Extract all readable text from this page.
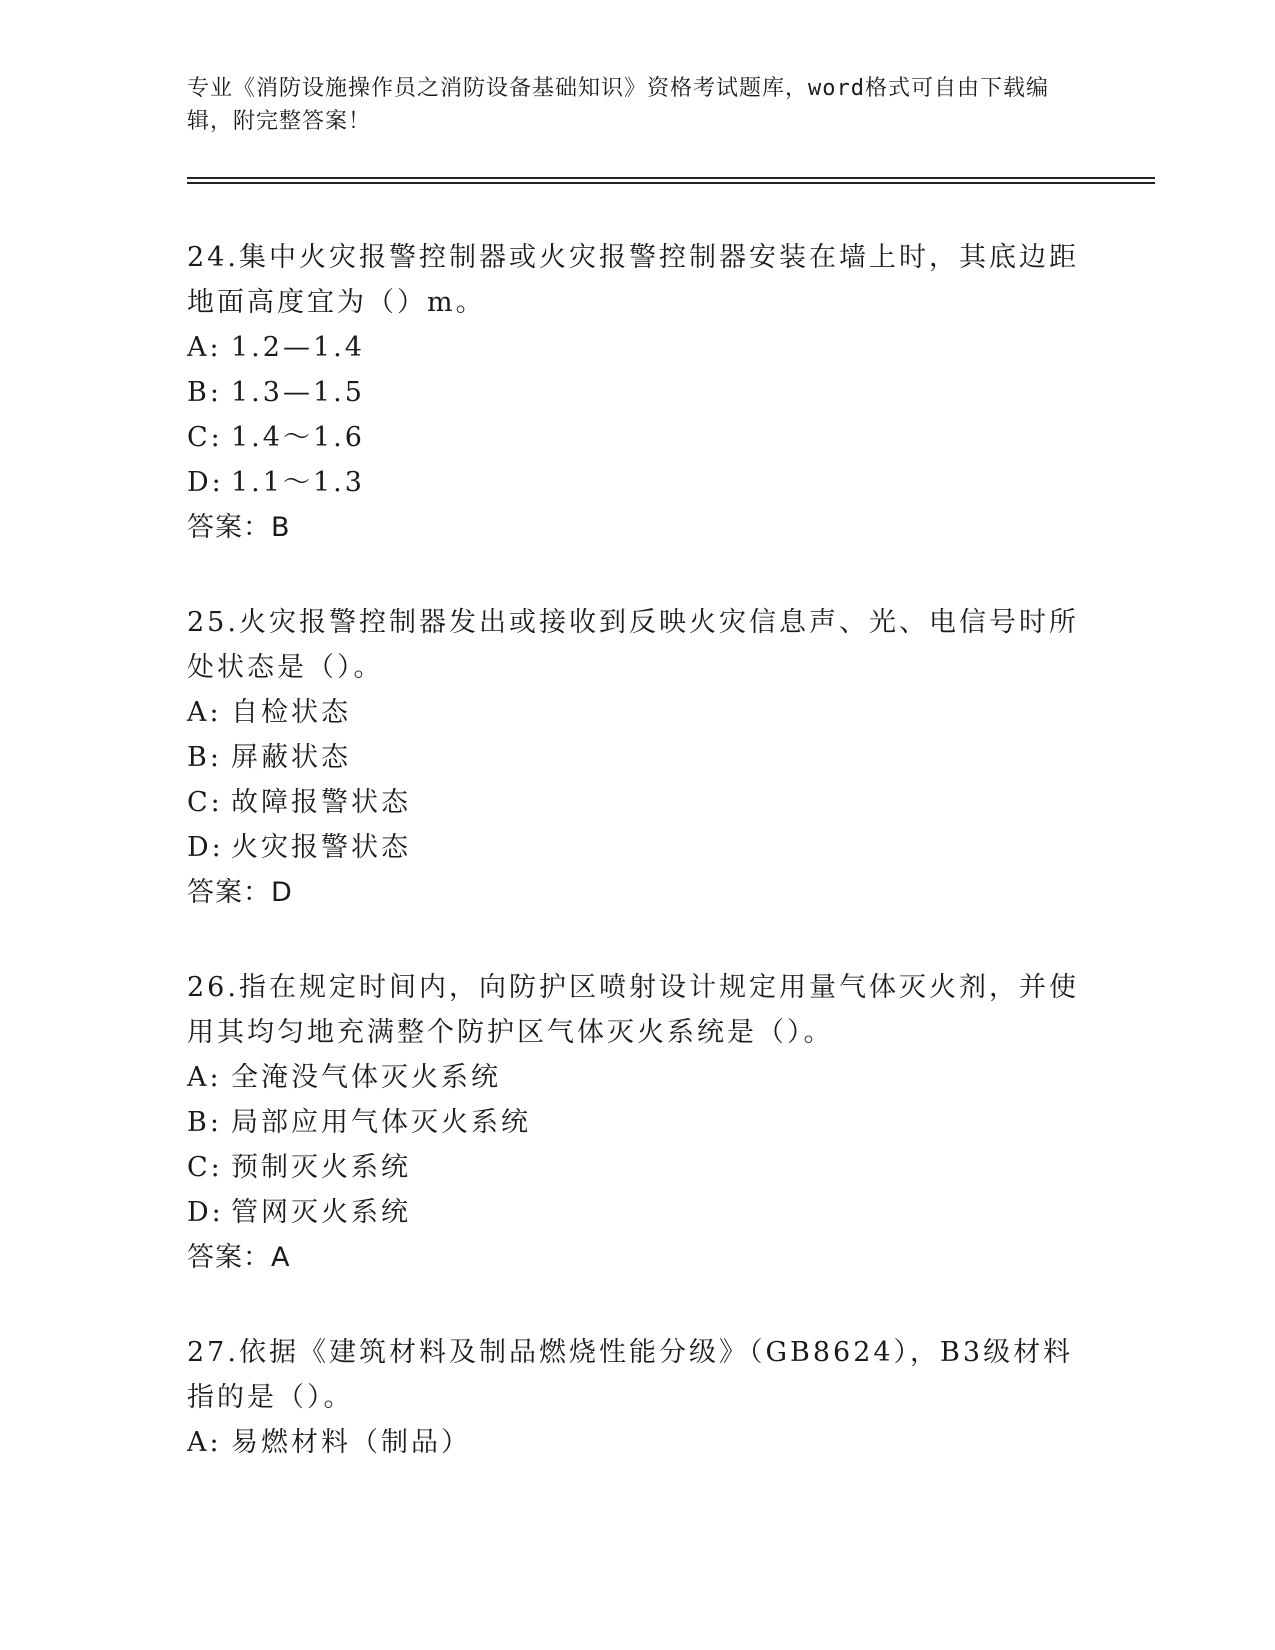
专业《消防设施操作员之消防设备基础知识》资格考试题库，word格式可自由下载编辑，附完整答案！

24.集中火灾报警控制器或火灾报警控制器安装在墙上时，其底边距地面高度宜为（）m。

A: 1.2—1.4

B: 1.3—1.5

C: 1.4～1.6

D: 1.1～1.3

答案：B

25.火灾报警控制器发出或接收到反映火灾信息声、光、电信号时所处状态是（）。

A: 自检状态

B: 屏蔽状态

C: 故障报警状态

D: 火灾报警状态

答案：D

26.指在规定时间内，向防护区喷射设计规定用量气体灭火剂，并使用其均匀地充满整个防护区气体灭火系统是（）。

A: 全淹没气体灭火系统

B: 局部应用气体灭火系统

C: 预制灭火系统

D: 管网灭火系统

答案：A

27.依据《建筑材料及制品燃烧性能分级》（GB8624），B3级材料指的是（）。

A: 易燃材料（制品）
